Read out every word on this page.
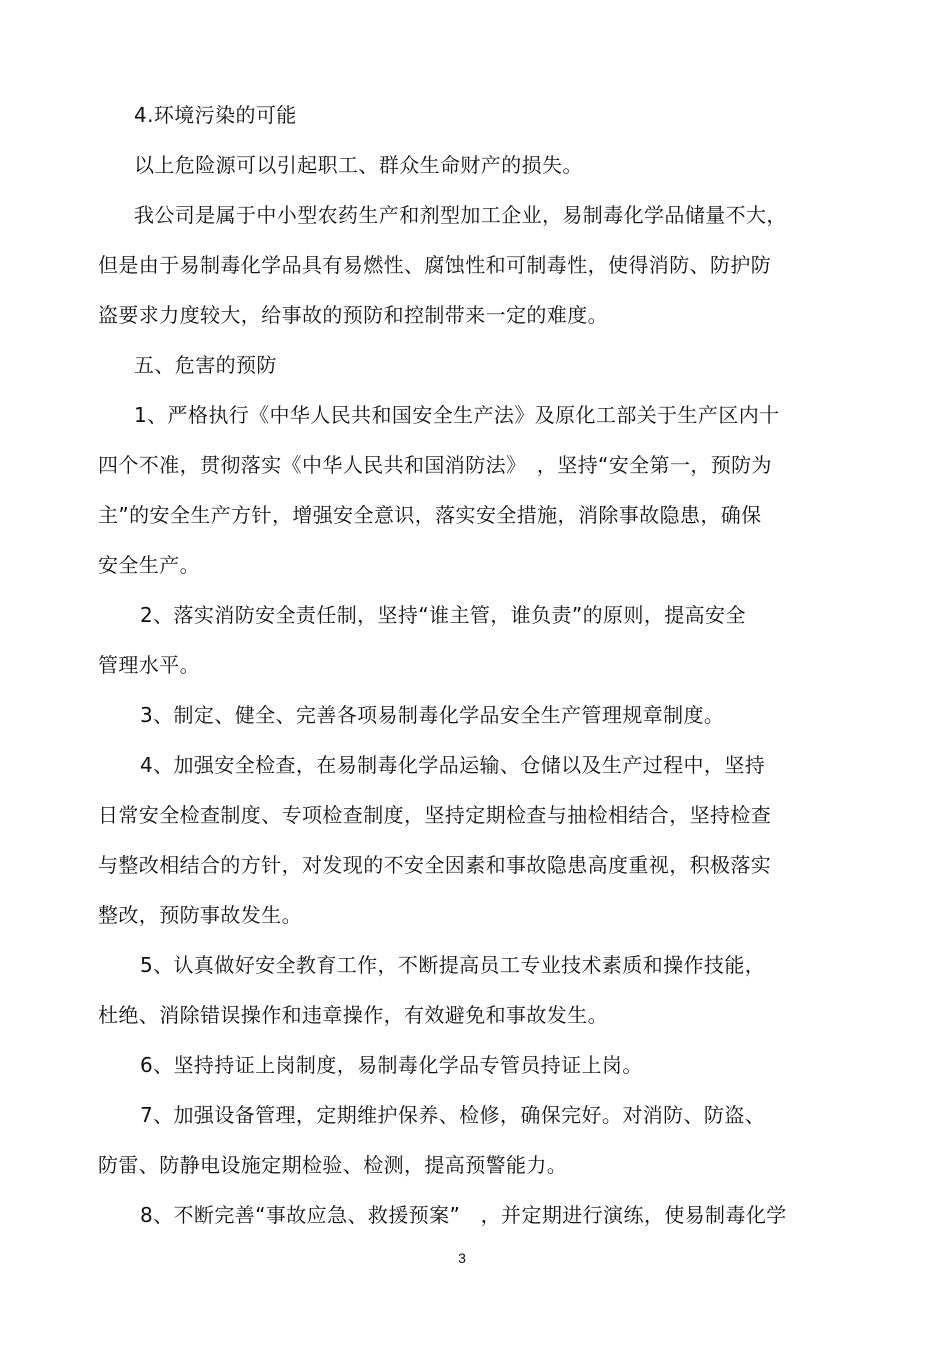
4.环境污染的可能
以上危险源可以引起职工、群众生命财产的损失。
我公司是属于中小型农药生产和剂型加工企业，易制毒化学品储量不大，
但是由于易制毒化学品具有易燃性、腐蚀性和可制毒性，使得消防、防护防
盗要求力度较大，给事故的预防和控制带来一定的难度。
五、危害的预防
1、严格执行《中华人民共和国安全生产法》及原化工部关于生产区内十
四个不准，贯彻落实《中华人民共和国消防法》　，坚持“安全第一，预防为
主”的安全生产方针，增强安全意识，落实安全措施，消除事故隐患，确保
安全生产。
2、落实消防安全责任制，坚持“谁主管，谁负责”的原则，提高安全
管理水平。
3、制定、健全、完善各项易制毒化学品安全生产管理规章制度。
4、加强安全检查，在易制毒化学品运输、仓储以及生产过程中，坚持
日常安全检查制度、专项检查制度，坚持定期检查与抽检相结合，坚持检查
与整改相结合的方针，对发现的不安全因素和事故隐患高度重视，积极落实
整改，预防事故发生。
5、认真做好安全教育工作，不断提高员工专业技术素质和操作技能，
杜绝、消除错误操作和违章操作，有效避免和事故发生。
6、坚持持证上岗制度，易制毒化学品专管员持证上岗。
7、加强设备管理，定期维护保养、检修，确保完好。对消防、防盗、
防雷、防静电设施定期检验、检测，提高预警能力。
8、不断完善“事故应急、救援预案”　，并定期进行演练，使易制毒化学
3
